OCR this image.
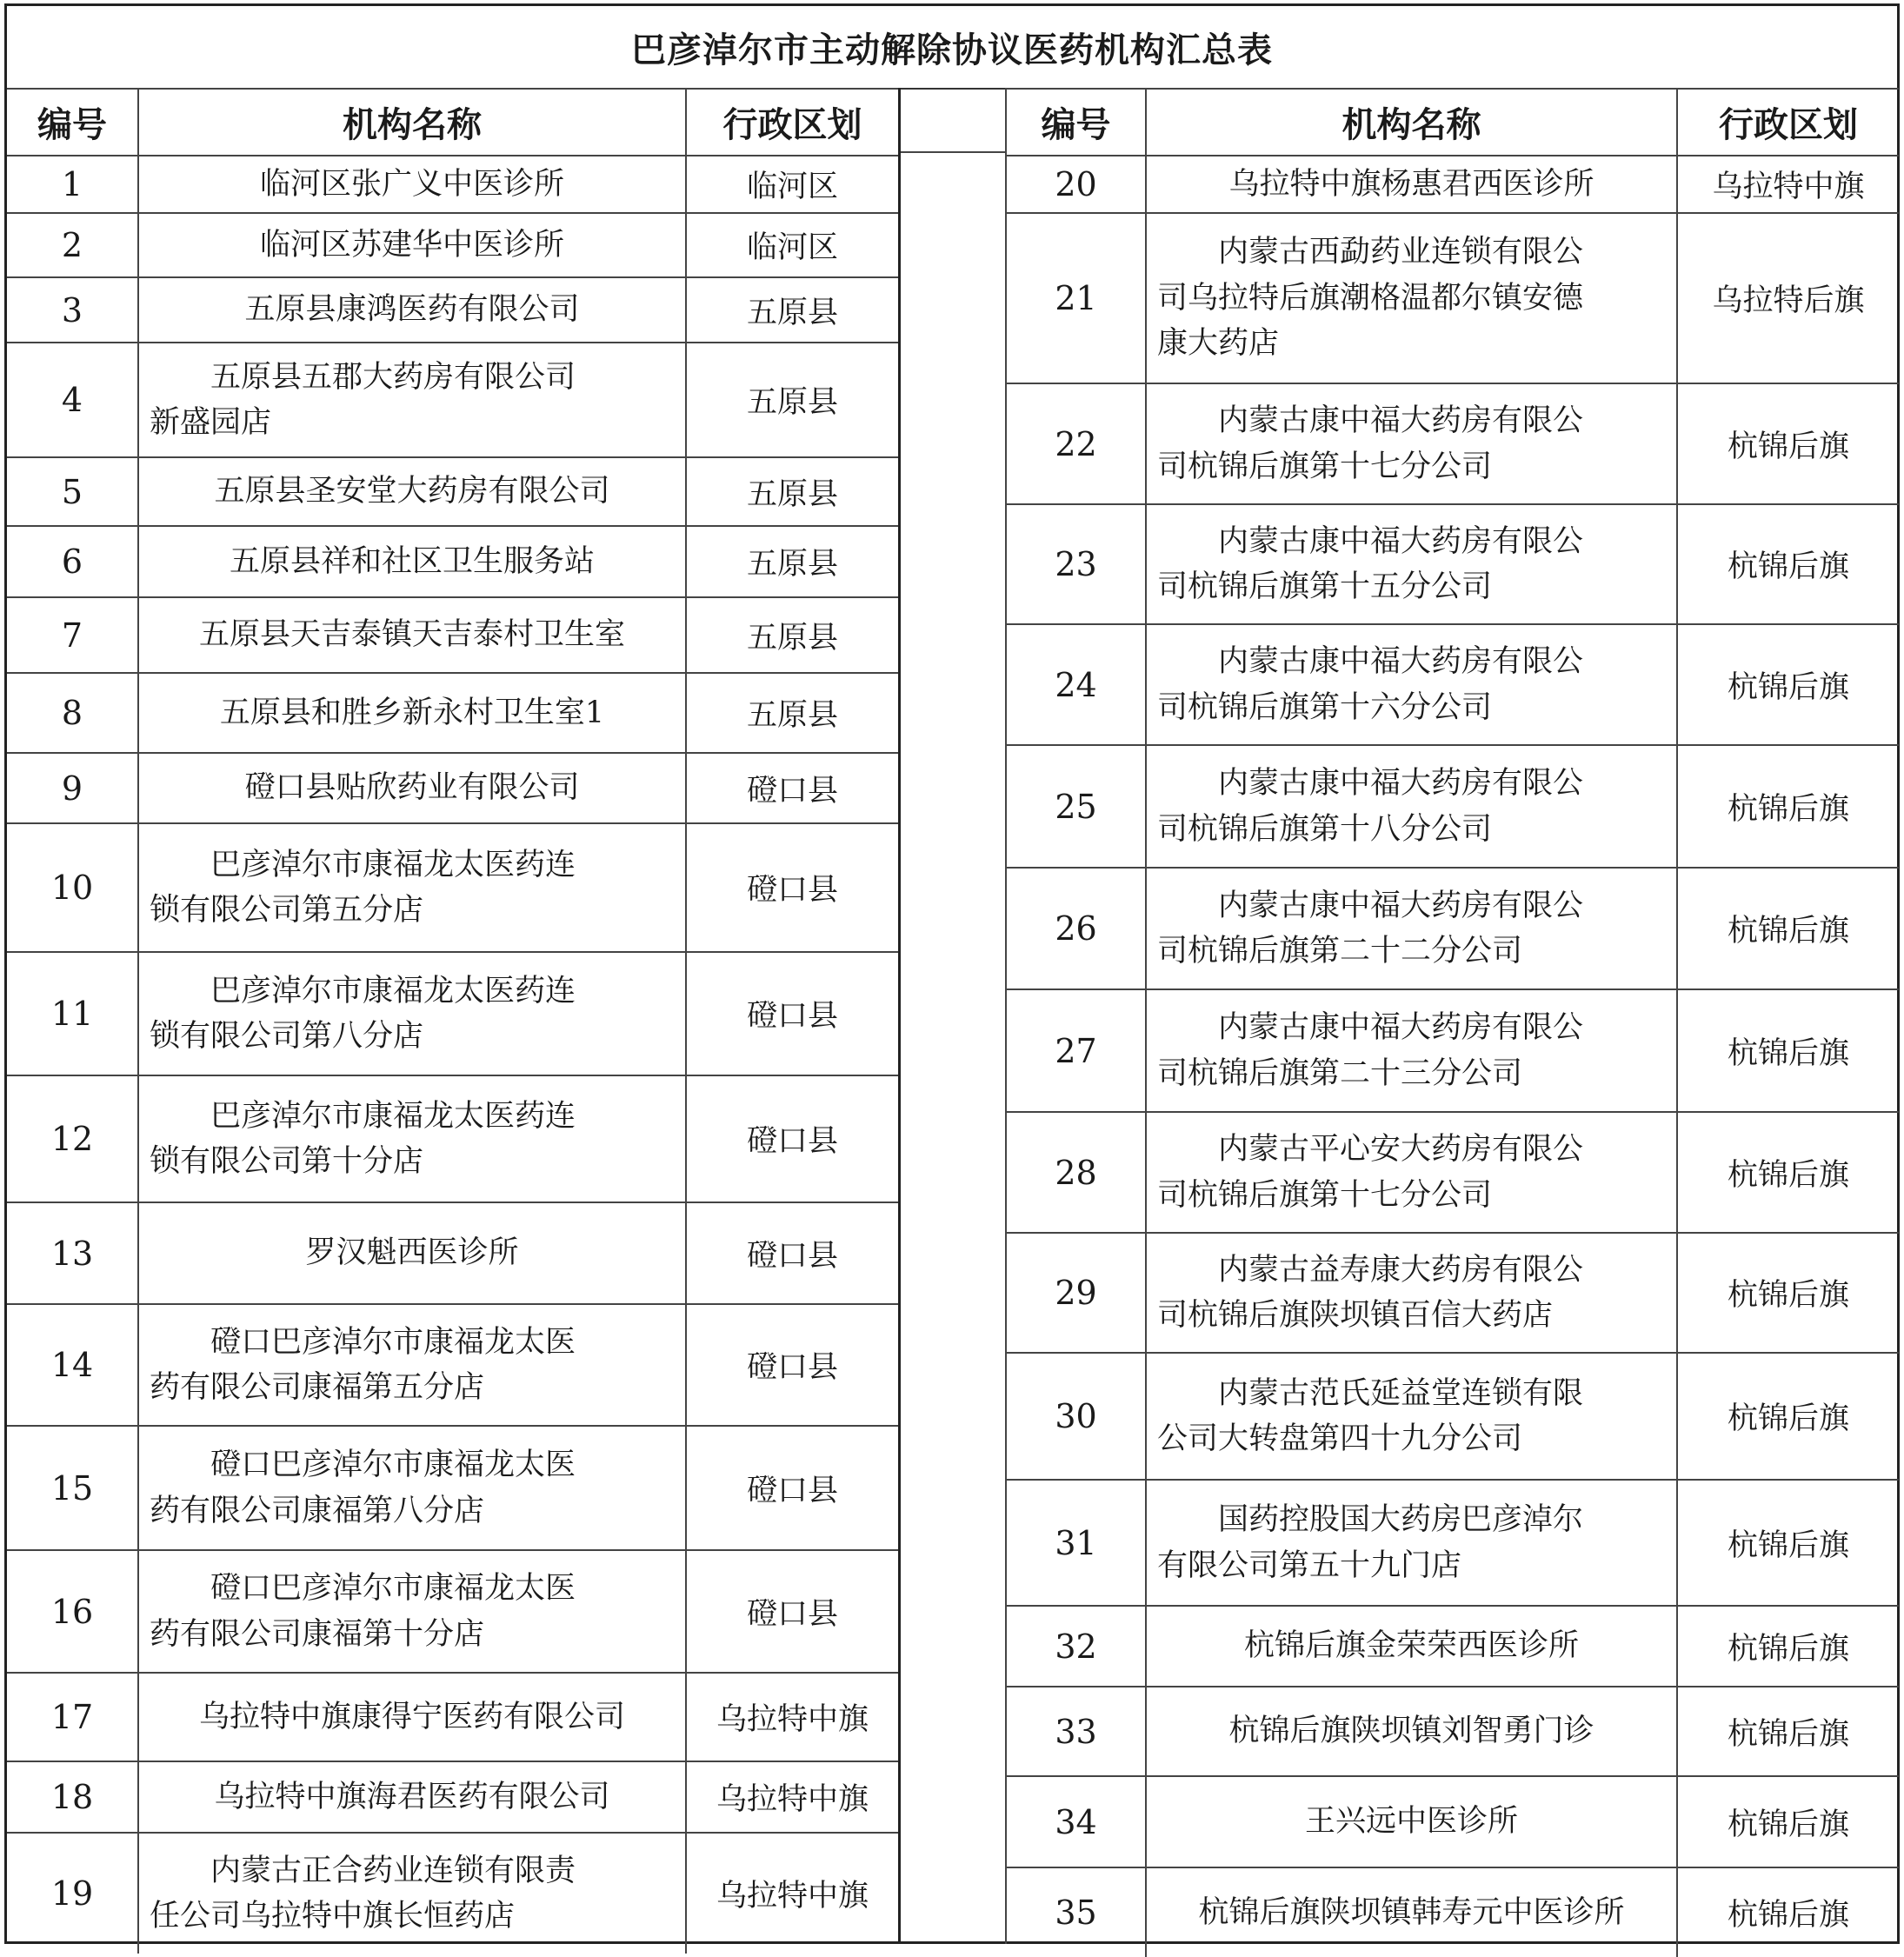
巴彦淖尔市主动解除协议医药机构汇总表
编号	机构名称	行政区划
1	临河区张广义中医诊所	临河区
2	临河区苏建华中医诊所	临河区
3	五原县康鸿医药有限公司	五原县
4	五原县五郡大药房有限公司
新盛园店	五原县
5	五原县圣安堂大药房有限公司	五原县
6	五原县祥和社区卫生服务站	五原县
7	五原县天吉泰镇天吉泰村卫生室	五原县
8	五原县和胜乡新永村卫生室1	五原县
9	磴口县贴欣药业有限公司	磴口县
10	巴彦淖尔市康福龙太医药连
锁有限公司第五分店	磴口县
11	巴彦淖尔市康福龙太医药连
锁有限公司第八分店	磴口县
12	巴彦淖尔市康福龙太医药连
锁有限公司第十分店	磴口县
13	罗汉魁西医诊所	磴口县
14	磴口巴彦淖尔市康福龙太医
药有限公司康福第五分店	磴口县
15	磴口巴彦淖尔市康福龙太医
药有限公司康福第八分店	磴口县
16	磴口巴彦淖尔市康福龙太医
药有限公司康福第十分店	磴口县
17	乌拉特中旗康得宁医药有限公司	乌拉特中旗
18	乌拉特中旗海君医药有限公司	乌拉特中旗
19	内蒙古正合药业连锁有限责
任公司乌拉特中旗长恒药店	乌拉特中旗
编号	机构名称	行政区划
20	乌拉特中旗杨惠君西医诊所	乌拉特中旗
21	内蒙古西勐药业连锁有限公
司乌拉特后旗潮格温都尔镇安德
康大药店	乌拉特后旗
22	内蒙古康中福大药房有限公
司杭锦后旗第十七分公司	杭锦后旗
23	内蒙古康中福大药房有限公
司杭锦后旗第十五分公司	杭锦后旗
24	内蒙古康中福大药房有限公
司杭锦后旗第十六分公司	杭锦后旗
25	内蒙古康中福大药房有限公
司杭锦后旗第十八分公司	杭锦后旗
26	内蒙古康中福大药房有限公
司杭锦后旗第二十二分公司	杭锦后旗
27	内蒙古康中福大药房有限公
司杭锦后旗第二十三分公司	杭锦后旗
28	内蒙古平心安大药房有限公
司杭锦后旗第十七分公司	杭锦后旗
29	内蒙古益寿康大药房有限公
司杭锦后旗陕坝镇百信大药店	杭锦后旗
30	内蒙古范氏延益堂连锁有限
公司大转盘第四十九分公司	杭锦后旗
31	国药控股国大药房巴彦淖尔
有限公司第五十九门店	杭锦后旗
32	杭锦后旗金荣荣西医诊所	杭锦后旗
33	杭锦后旗陕坝镇刘智勇门诊	杭锦后旗
34	王兴远中医诊所	杭锦后旗
35	杭锦后旗陕坝镇韩寿元中医诊所	杭锦后旗
